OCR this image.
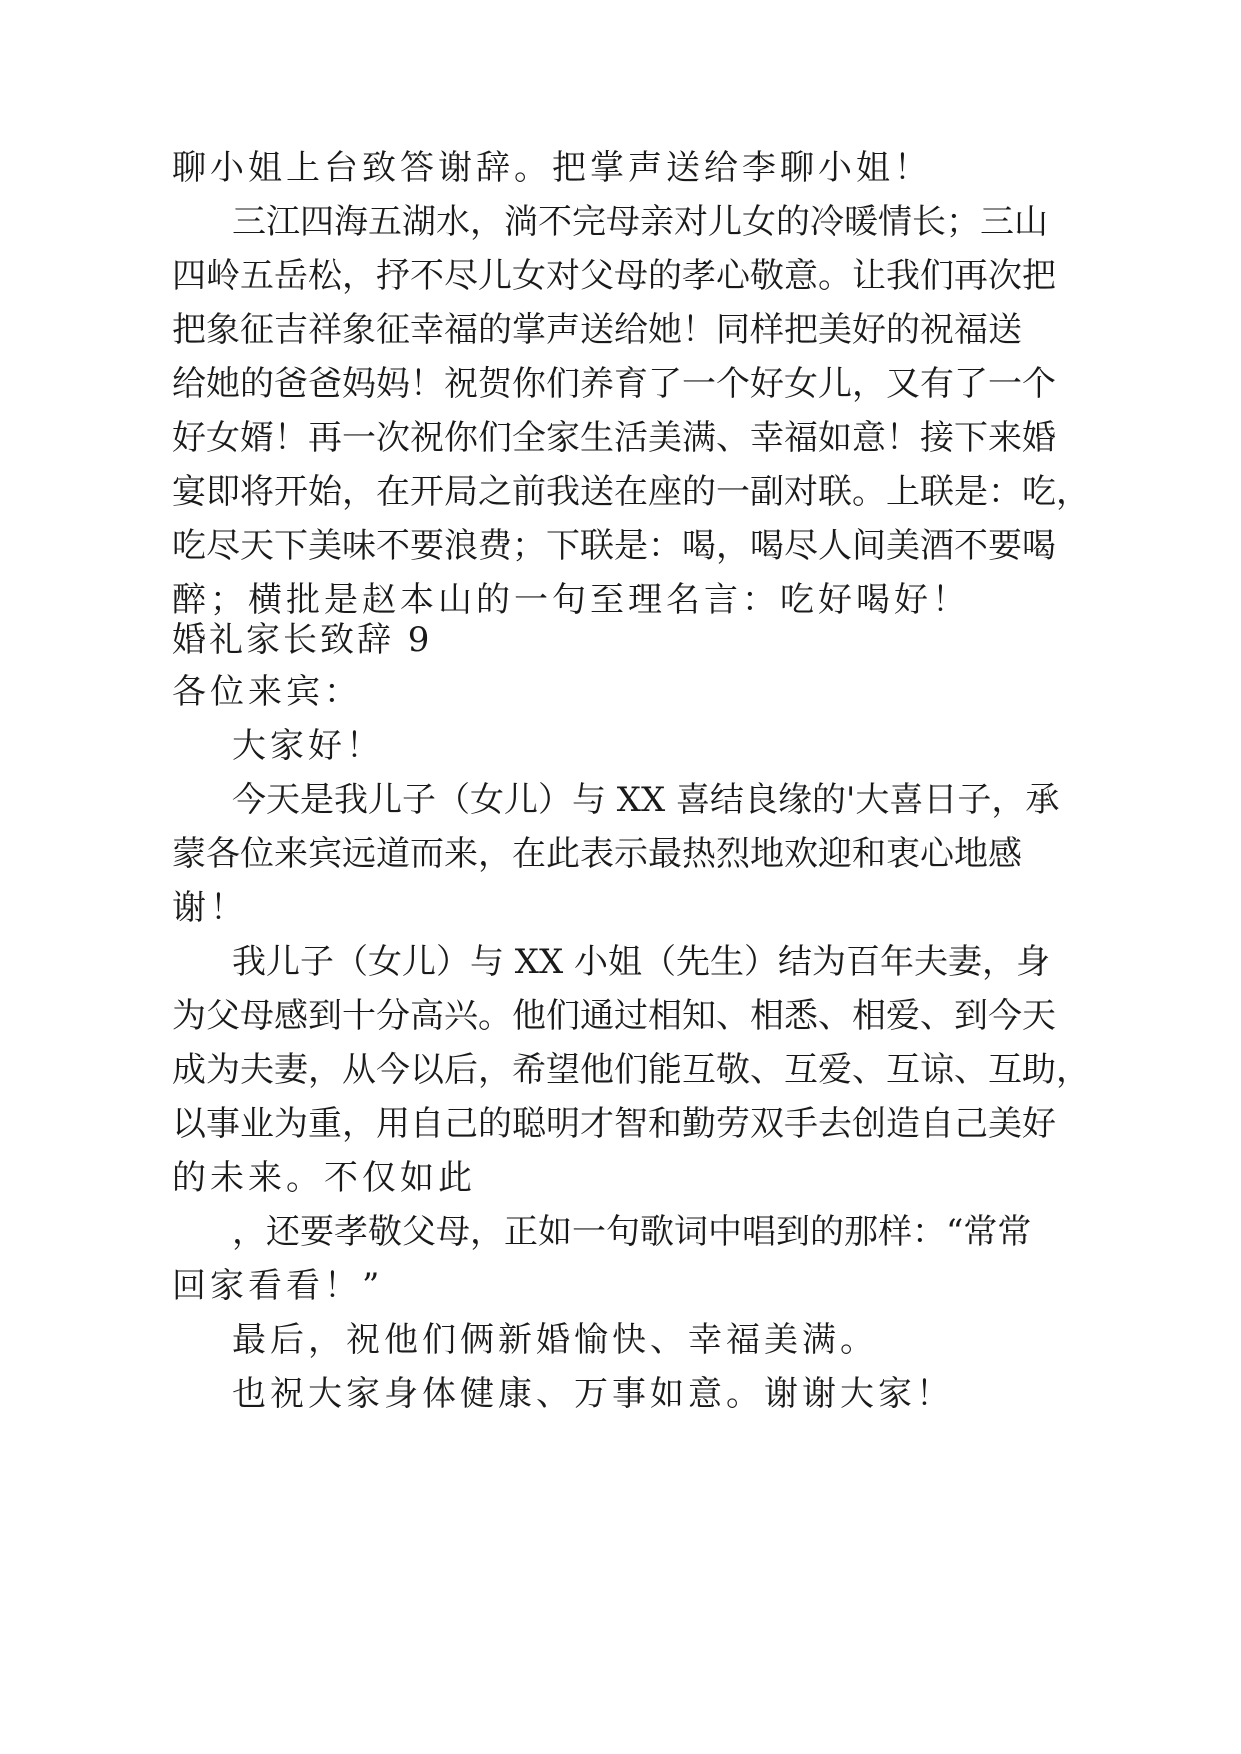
聊小姐上台致答谢辞。把掌声送给李聊小姐！
三江四海五湖水，淌不完母亲对儿女的冷暖情长；三山
四岭五岳松，抒不尽儿女对父母的孝心敬意。让我们再次把
把象征吉祥象征幸福的掌声送给她！同样把美好的祝福送
给她的爸爸妈妈！祝贺你们养育了一个好女儿，又有了一个
好女婿！再一次祝你们全家生活美满、幸福如意！接下来婚
宴即将开始，在开局之前我送在座的一副对联。上联是：吃，
吃尽天下美味不要浪费；下联是：喝，喝尽人间美酒不要喝
醉；横批是赵本山的一句至理名言：吃好喝好！
婚礼家长致辞 9
各位来宾：
大家好！
今天是我儿子（女儿）与 XX 喜结良缘的'大喜日子，承
蒙各位来宾远道而来，在此表示最热烈地欢迎和衷心地感
谢！
我儿子（女儿）与 XX 小姐（先生）结为百年夫妻，身
为父母感到十分高兴。他们通过相知、相悉、相爱、到今天
成为夫妻，从今以后，希望他们能互敬、互爱、互谅、互助，
以事业为重，用自己的聪明才智和勤劳双手去创造自己美好
的未来。不仅如此
，还要孝敬父母，正如一句歌词中唱到的那样：“常常
回家看看！”
最后，祝他们俩新婚愉快、幸福美满。
也祝大家身体健康、万事如意。谢谢大家！
